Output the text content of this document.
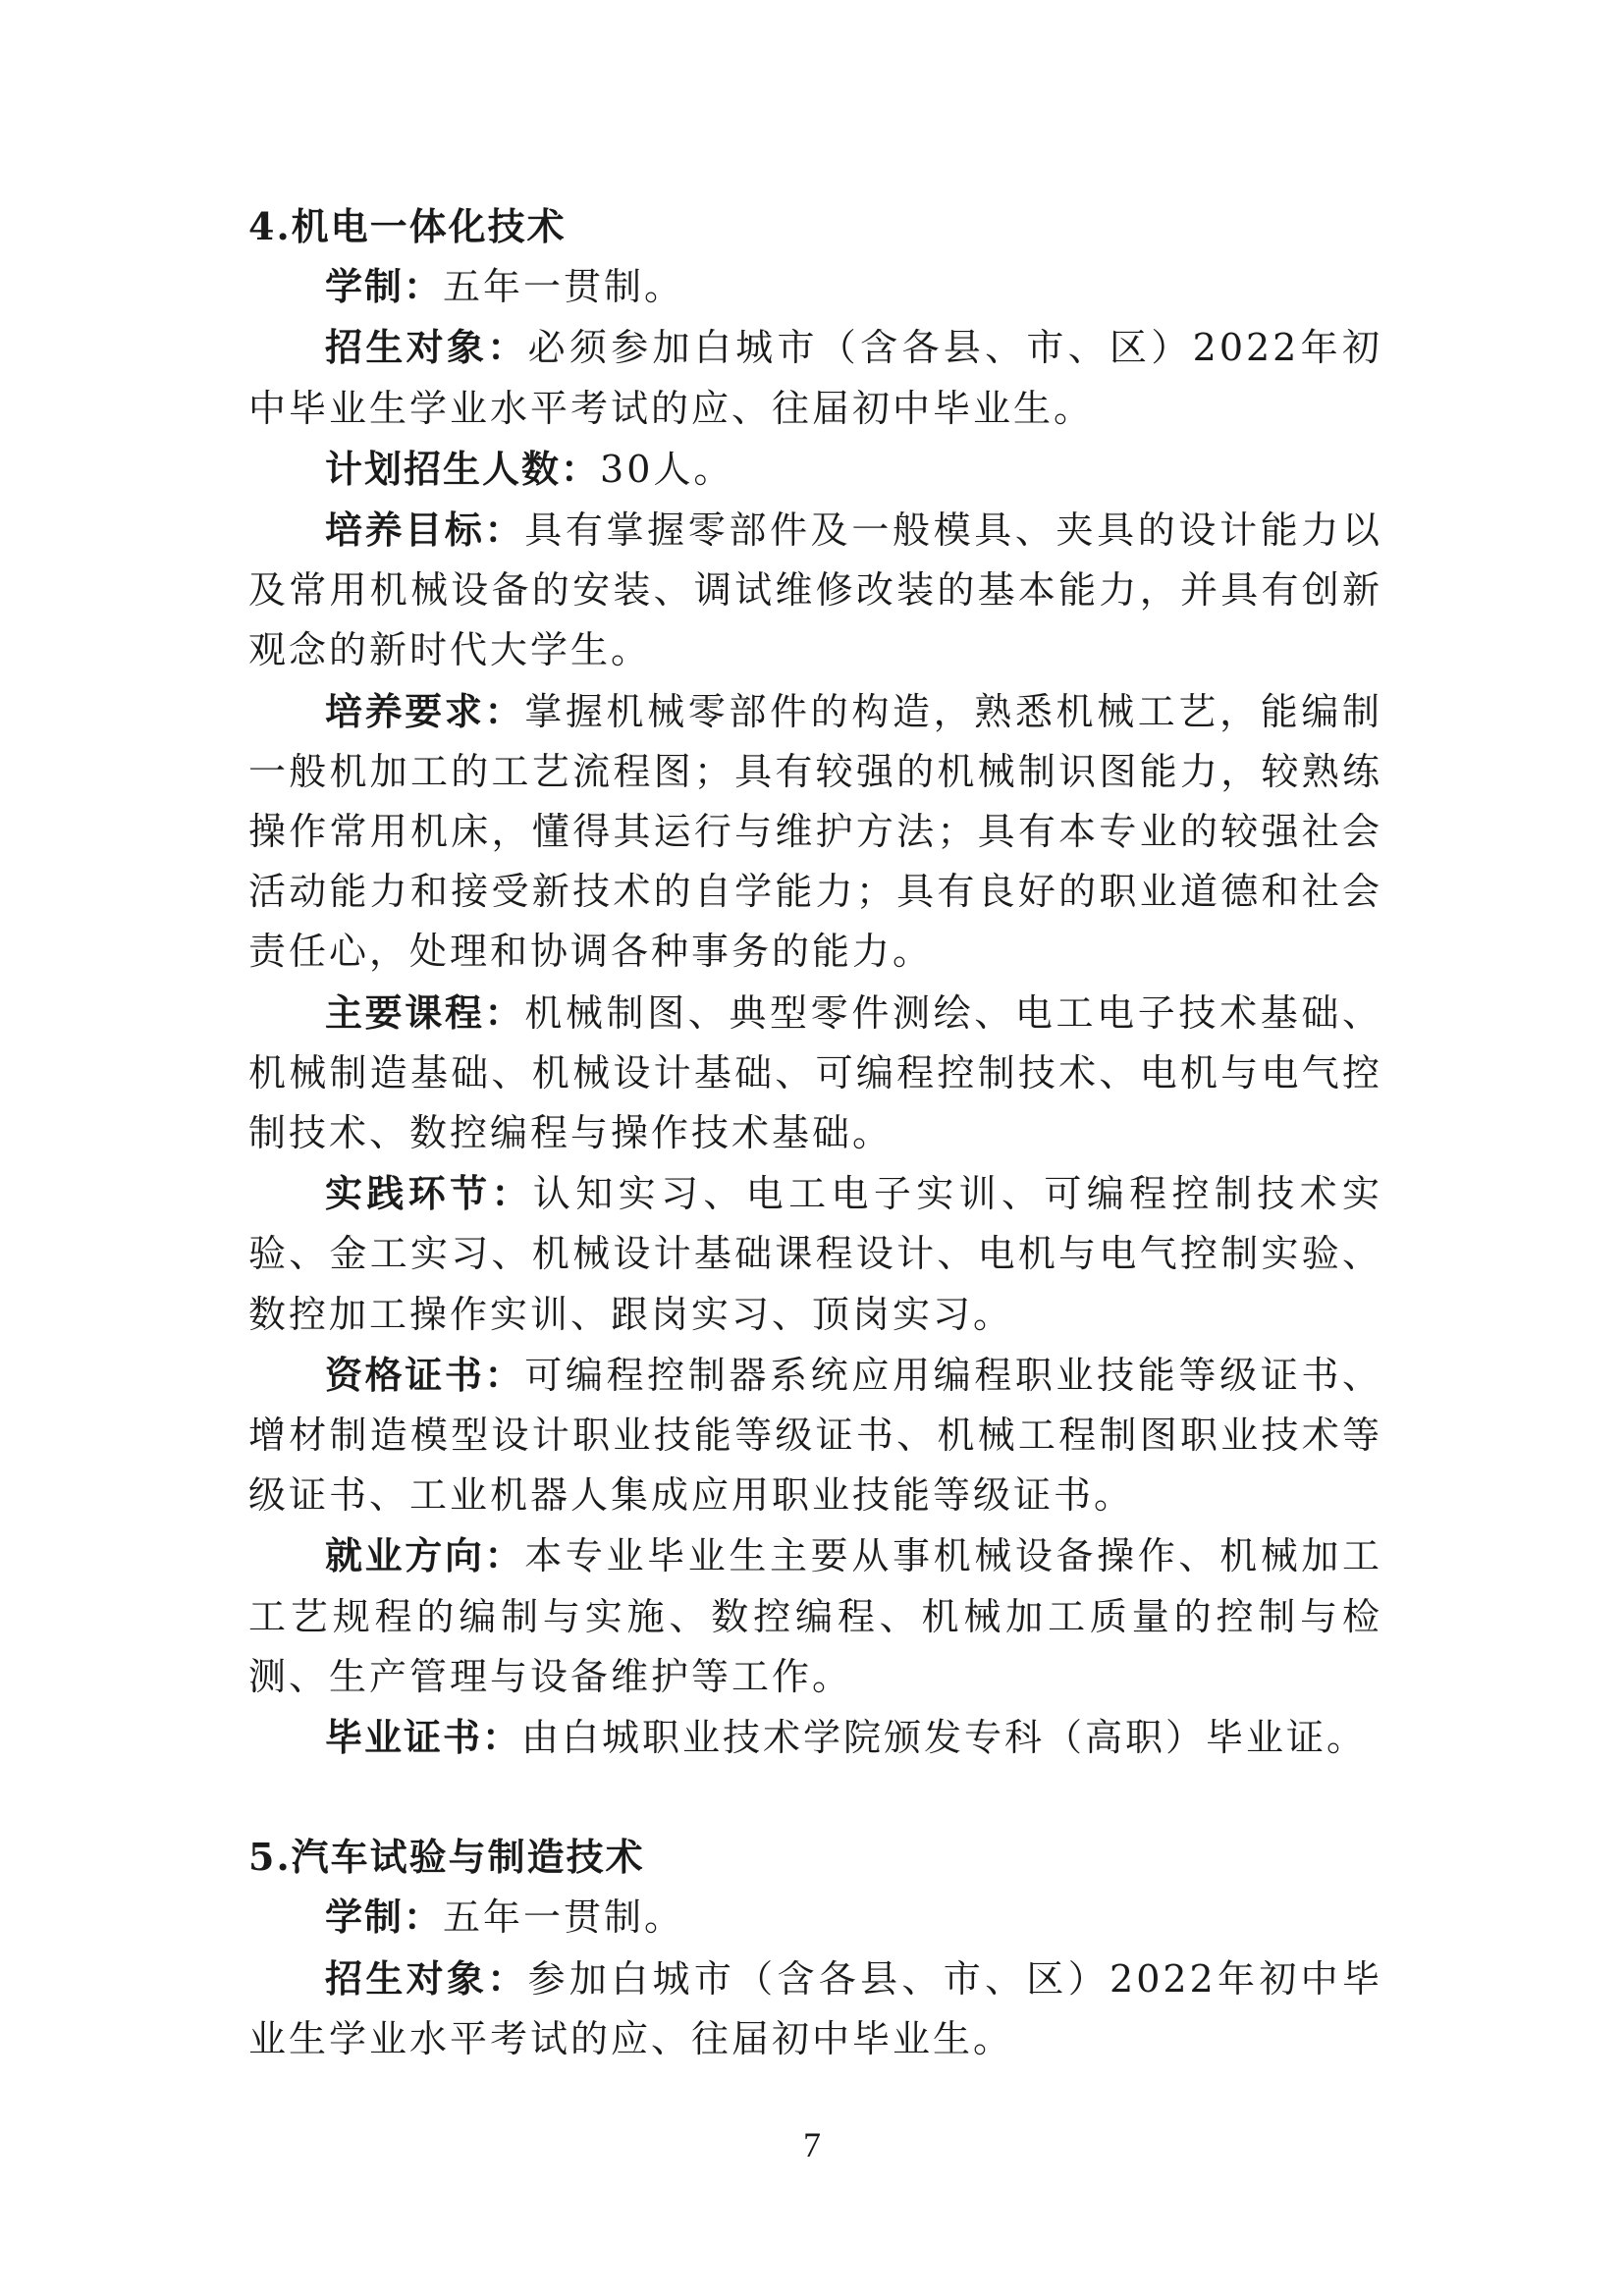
4.机电一体化技术
学制：五年一贯制。
招生对象：必须参加白城市（含各县、市、区）2022年初中毕业生学业水平考试的应、往届初中毕业生。
计划招生人数：30人。
培养目标：具有掌握零部件及一般模具、夹具的设计能力以及常用机械设备的安装、调试维修改装的基本能力，并具有创新观念的新时代大学生。
培养要求：掌握机械零部件的构造，熟悉机械工艺，能编制一般机加工的工艺流程图；具有较强的机械制识图能力，较熟练操作常用机床，懂得其运行与维护方法；具有本专业的较强社会活动能力和接受新技术的自学能力；具有良好的职业道德和社会责任心，处理和协调各种事务的能力。
主要课程：机械制图、典型零件测绘、电工电子技术基础、机械制造基础、机械设计基础、可编程控制技术、电机与电气控制技术、数控编程与操作技术基础。
实践环节：认知实习、电工电子实训、可编程控制技术实验、金工实习、机械设计基础课程设计、电机与电气控制实验、数控加工操作实训、跟岗实习、顶岗实习。
资格证书：可编程控制器系统应用编程职业技能等级证书、增材制造模型设计职业技能等级证书、机械工程制图职业技术等级证书、工业机器人集成应用职业技能等级证书。
就业方向：本专业毕业生主要从事机械设备操作、机械加工工艺规程的编制与实施、数控编程、机械加工质量的控制与检测、生产管理与设备维护等工作。
毕业证书：由白城职业技术学院颁发专科（高职）毕业证。
5.汽车试验与制造技术
学制：五年一贯制。
招生对象：参加白城市（含各县、市、区）2022年初中毕业生学业水平考试的应、往届初中毕业生。
7
